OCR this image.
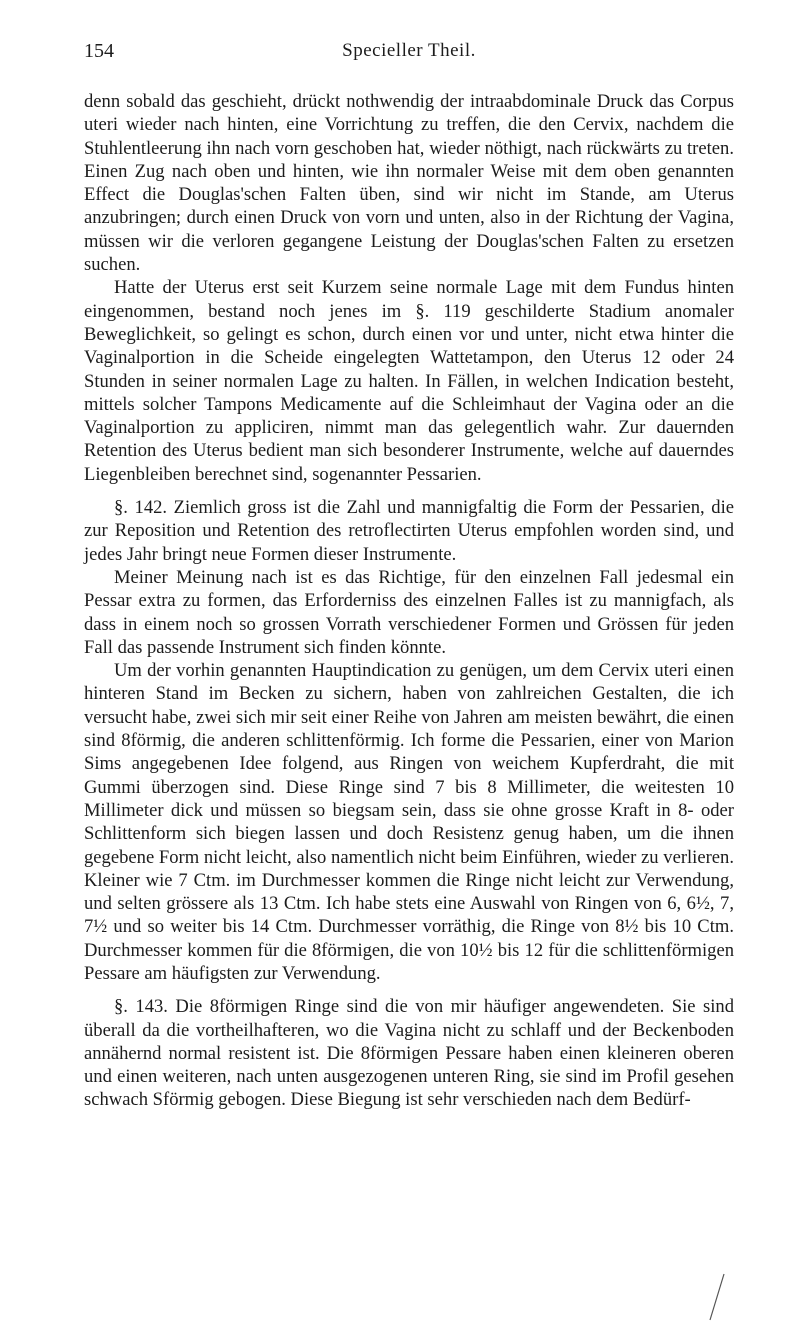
154	Specieller Theil.

denn sobald das geschieht, drückt nothwendig der intraabdominale Druck das Corpus uteri wieder nach hinten, eine Vorrichtung zu treffen, die den Cervix, nachdem die Stuhlentleerung ihn nach vorn geschoben hat, wieder nöthigt, nach rückwärts zu treten. Einen Zug nach oben und hinten, wie ihn normaler Weise mit dem oben genannten Effect die Douglas'schen Falten üben, sind wir nicht im Stande, am Uterus anzubringen; durch einen Druck von vorn und unten, also in der Richtung der Vagina, müssen wir die verloren gegangene Leistung der Douglas'schen Falten zu ersetzen suchen.

Hatte der Uterus erst seit Kurzem seine normale Lage mit dem Fundus hinten eingenommen, bestand noch jenes im §. 119 geschilderte Stadium anomaler Beweglichkeit, so gelingt es schon, durch einen vor und unter, nicht etwa hinter die Vaginalportion in die Scheide eingelegten Wattetampon, den Uterus 12 oder 24 Stunden in seiner normalen Lage zu halten. In Fällen, in welchen Indication besteht, mittels solcher Tampons Medicamente auf die Schleimhaut der Vagina oder an die Vaginalportion zu appliciren, nimmt man das gelegentlich wahr. Zur dauernden Retention des Uterus bedient man sich besonderer Instrumente, welche auf dauerndes Liegenbleiben berechnet sind, sogenannter Pessarien.

§. 142. Ziemlich gross ist die Zahl und mannigfaltig die Form der Pessarien, die zur Reposition und Retention des retroflectirten Uterus empfohlen worden sind, und jedes Jahr bringt neue Formen dieser Instrumente.

Meiner Meinung nach ist es das Richtige, für den einzelnen Fall jedesmal ein Pessar extra zu formen, das Erforderniss des einzelnen Falles ist zu mannigfach, als dass in einem noch so grossen Vorrath verschiedener Formen und Grössen für jeden Fall das passende Instrument sich finden könnte.

Um der vorhin genannten Hauptindication zu genügen, um dem Cervix uteri einen hinteren Stand im Becken zu sichern, haben von zahlreichen Gestalten, die ich versucht habe, zwei sich mir seit einer Reihe von Jahren am meisten bewährt, die einen sind 8förmig, die anderen schlittenförmig. Ich forme die Pessarien, einer von Marion Sims angegebenen Idee folgend, aus Ringen von weichem Kupferdraht, die mit Gummi überzogen sind. Diese Ringe sind 7 bis 8 Millimeter, die weitesten 10 Millimeter dick und müssen so biegsam sein, dass sie ohne grosse Kraft in 8- oder Schlittenform sich biegen lassen und doch Resistenz genug haben, um die ihnen gegebene Form nicht leicht, also namentlich nicht beim Einführen, wieder zu verlieren. Kleiner wie 7 Ctm. im Durchmesser kommen die Ringe nicht leicht zur Verwendung, und selten grössere als 13 Ctm. Ich habe stets eine Auswahl von Ringen von 6, 6½, 7, 7½ und so weiter bis 14 Ctm. Durchmesser vorräthig, die Ringe von 8½ bis 10 Ctm. Durchmesser kommen für die 8förmigen, die von 10½ bis 12 für die schlittenförmigen Pessare am häufigsten zur Verwendung.

§. 143. Die 8förmigen Ringe sind die von mir häufiger angewendeten. Sie sind überall da die vortheilhafteren, wo die Vagina nicht zu schlaff und der Beckenboden annähernd normal resistent ist. Die 8förmigen Pessare haben einen kleineren oberen und einen weiteren, nach unten ausgezogenen unteren Ring, sie sind im Profil gesehen schwach Sförmig gebogen. Diese Biegung ist sehr verschieden nach dem Bedürf-
